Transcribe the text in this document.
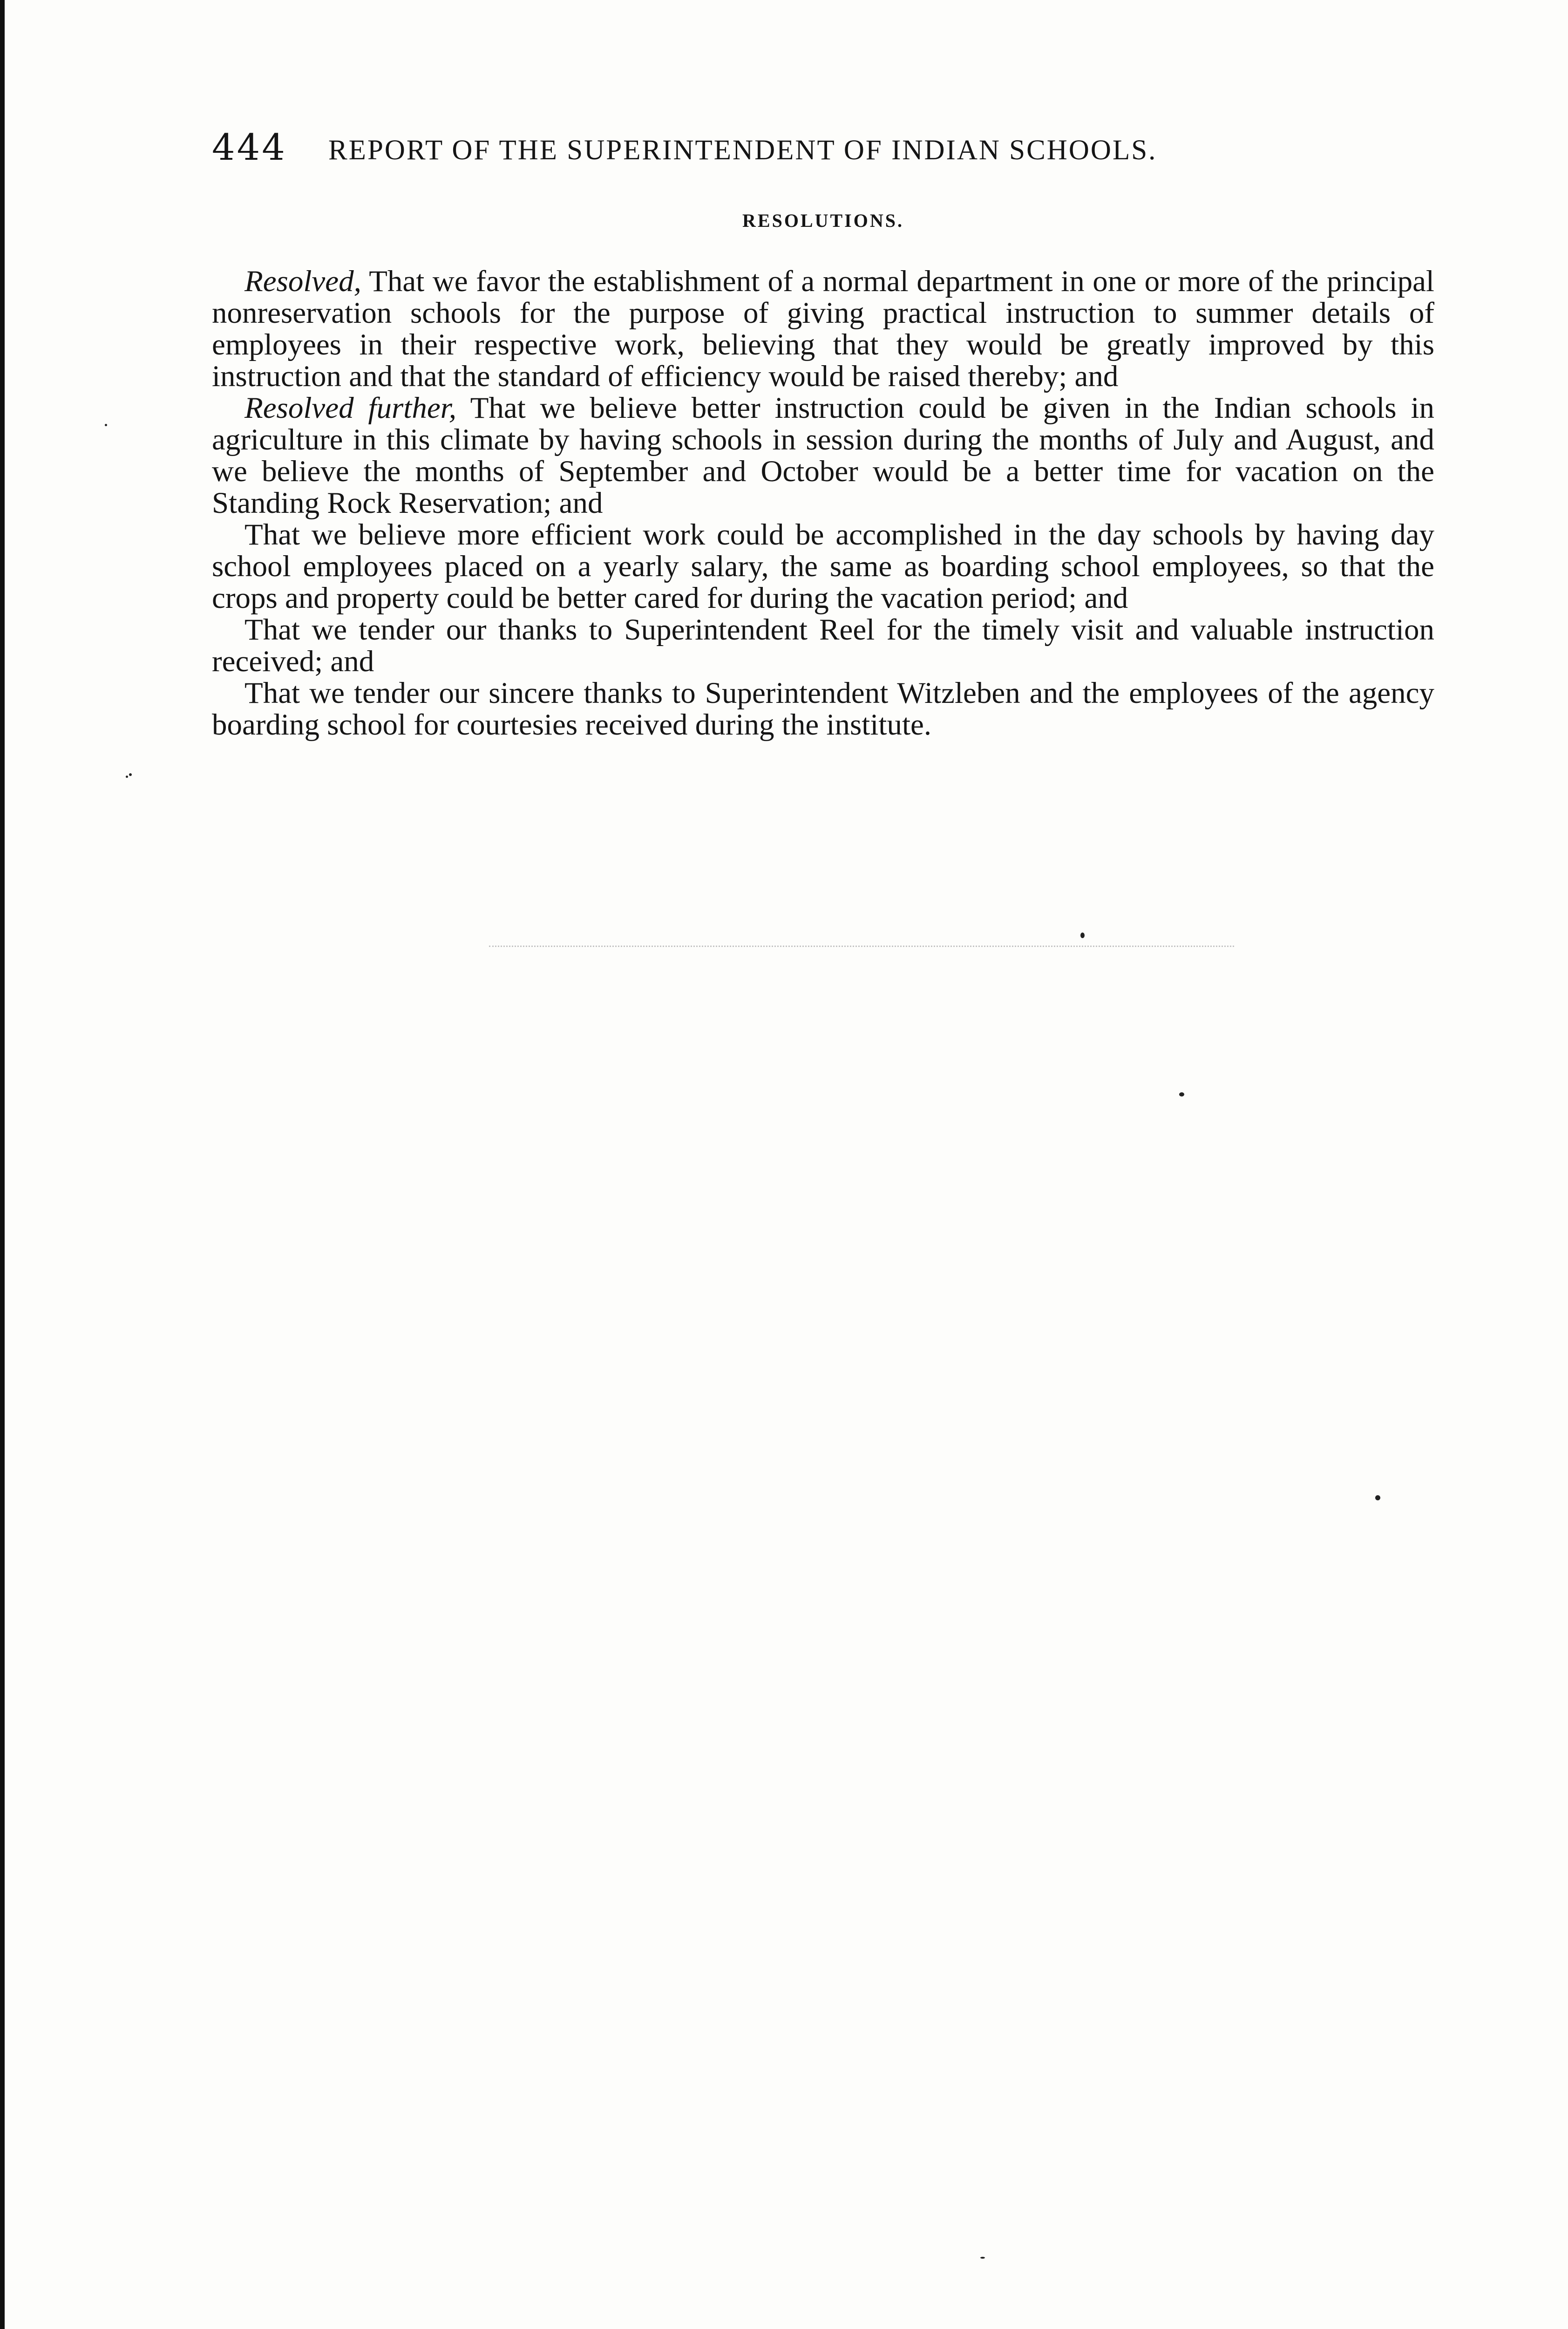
444 REPORT OF THE SUPERINTENDENT OF INDIAN SCHOOLS.
RESOLUTIONS.

Resolved, That we favor the establishment of a normal department in one or more of the principal nonreservation schools for the purpose of giving practical instruction to summer details of employees in their respective work, believing that they would be greatly improved by this instruction and that the standard of efficiency would be raised thereby; and

Resolved further, That we believe better instruction could be given in the Indian schools in agriculture in this climate by having schools in session during the months of July and August, and we believe the months of September and October would be a better time for vacation on the Standing Rock Reservation; and

That we believe more efficient work could be accomplished in the day schools by having day school employees placed on a yearly salary, the same as boarding school employees, so that the crops and property could be better cared for during the vacation period; and

That we tender our thanks to Superintendent Reel for the timely visit and valuable instruction received; and

That we tender our sincere thanks to Superintendent Witzleben and the employees of the agency boarding school for courtesies received during the institute.
